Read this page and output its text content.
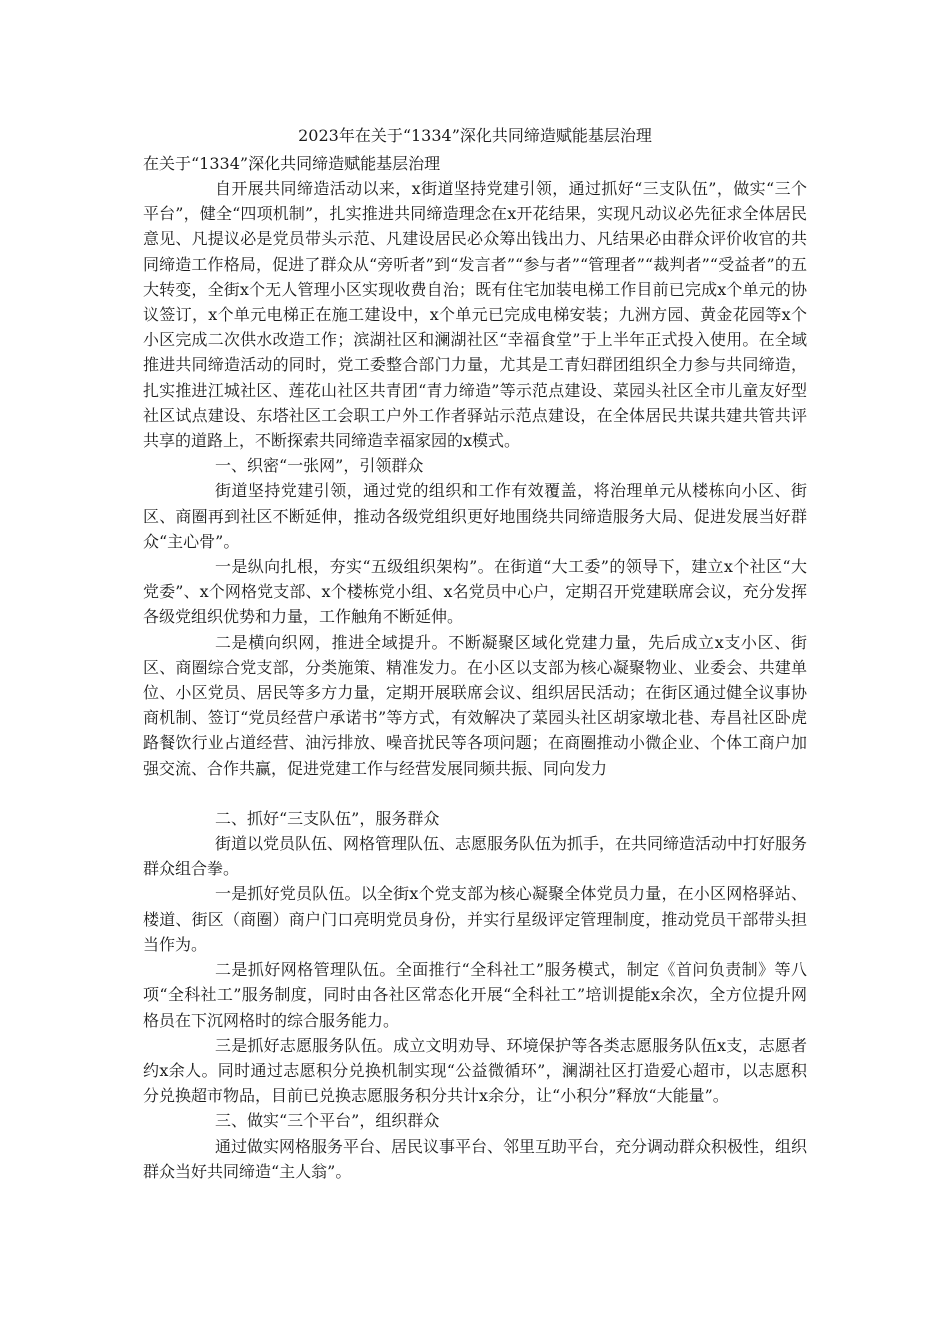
2023年在关于“1334”深化共同缔造赋能基层治理
在关于“1334”深化共同缔造赋能基层治理

自开展共同缔造活动以来，x街道坚持党建引领，通过抓好“三支队伍”，做实“三个平台”，健全“四项机制”，扎实推进共同缔造理念在x开花结果，实现凡动议必先征求全体居民意见、凡提议必是党员带头示范、凡建设居民必众筹出钱出力、凡结果必由群众评价收官的共同缔造工作格局，促进了群众从“旁听者”到“发言者”“参与者”“管理者”“裁判者”“受益者”的五大转变，全街x个无人管理小区实现收费自治；既有住宅加装电梯工作目前已完成x个单元的协议签订，x个单元电梯正在施工建设中，x个单元已完成电梯安装；九洲方园、黄金花园等x个小区完成二次供水改造工作；滨湖社区和澜湖社区“幸福食堂”于上半年正式投入使用。在全域推进共同缔造活动的同时，党工委整合部门力量，尤其是工青妇群团组织全力参与共同缔造，扎实推进江城社区、莲花山社区共青团“青力缔造”等示范点建设、菜园头社区全市儿童友好型社区试点建设、东塔社区工会职工户外工作者驿站示范点建设，在全体居民共谋共建共管共评共享的道路上，不断探索共同缔造幸福家园的x模式。

一、织密“一张网”，引领群众

街道坚持党建引领，通过党的组织和工作有效覆盖，将治理单元从楼栋向小区、街区、商圈再到社区不断延伸，推动各级党组织更好地围绕共同缔造服务大局、促进发展当好群众“主心骨”。

一是纵向扎根，夯实“五级组织架构”。在街道“大工委”的领导下，建立x个社区“大党委”、x个网格党支部、x个楼栋党小组、x名党员中心户，定期召开党建联席会议，充分发挥各级党组织优势和力量，工作触角不断延伸。

二是横向织网，推进全域提升。不断凝聚区域化党建力量，先后成立x支小区、街区、商圈综合党支部，分类施策、精准发力。在小区以支部为核心凝聚物业、业委会、共建单位、小区党员、居民等多方力量，定期开展联席会议、组织居民活动；在街区通过健全议事协商机制、签订“党员经营户承诺书”等方式，有效解决了菜园头社区胡家墩北巷、寿昌社区卧虎路餐饮行业占道经营、油污排放、噪音扰民等各项问题；在商圈推动小微企业、个体工商户加强交流、合作共赢，促进党建工作与经营发展同频共振、同向发力

二、抓好“三支队伍”，服务群众

街道以党员队伍、网格管理队伍、志愿服务队伍为抓手，在共同缔造活动中打好服务群众组合拳。

一是抓好党员队伍。以全街x个党支部为核心凝聚全体党员力量，在小区网格驿站、楼道、街区（商圈）商户门口亮明党员身份，并实行星级评定管理制度，推动党员干部带头担当作为。

二是抓好网格管理队伍。全面推行“全科社工”服务模式，制定《首问负责制》等八项“全科社工”服务制度，同时由各社区常态化开展“全科社工”培训提能x余次，全方位提升网格员在下沉网格时的综合服务能力。

三是抓好志愿服务队伍。成立文明劝导、环境保护等各类志愿服务队伍x支，志愿者约x余人。同时通过志愿积分兑换机制实现“公益微循环”，澜湖社区打造爱心超市，以志愿积分兑换超市物品，目前已兑换志愿服务积分共计x余分，让“小积分”释放“大能量”。

三、做实“三个平台”，组织群众

通过做实网格服务平台、居民议事平台、邻里互助平台，充分调动群众积极性，组织群众当好共同缔造“主人翁”。
